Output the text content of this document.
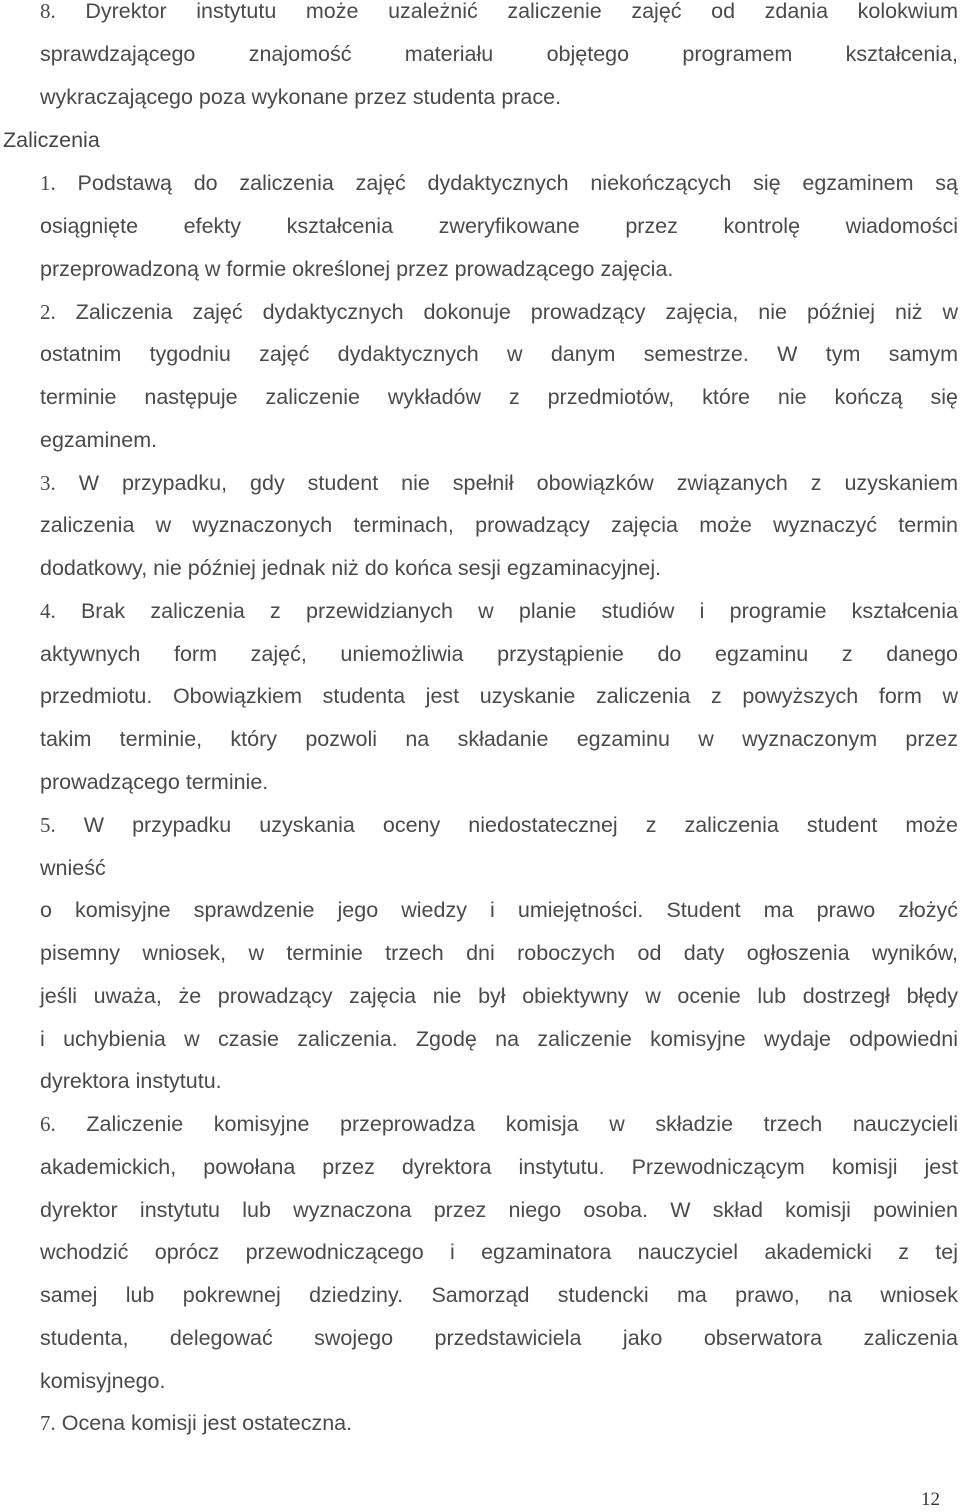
8. Dyrektor instytutu może uzależnić zaliczenie zajęć od zdania kolokwium
sprawdzającego znajomość materiału objętego programem kształcenia,
wykraczającego poza wykonane przez studenta prace.
Zaliczenia
1. Podstawą do zaliczenia zajęć dydaktycznych niekończących się egzaminem są
osiągnięte efekty kształcenia zweryfikowane przez kontrolę wiadomości
przeprowadzoną w formie określonej przez prowadzącego zajęcia.
2. Zaliczenia zajęć dydaktycznych dokonuje prowadzący zajęcia, nie później niż w
ostatnim tygodniu zajęć dydaktycznych w danym semestrze. W tym samym
terminie następuje zaliczenie wykładów z przedmiotów, które nie kończą się
egzaminem.
3. W przypadku, gdy student nie spełnił obowiązków związanych z uzyskaniem
zaliczenia w wyznaczonych terminach, prowadzący zajęcia może wyznaczyć termin
dodatkowy, nie później jednak niż do końca sesji egzaminacyjnej.
4. Brak zaliczenia z przewidzianych w planie studiów i programie kształcenia
aktywnych form zajęć, uniemożliwia przystąpienie do egzaminu z danego
przedmiotu. Obowiązkiem studenta jest uzyskanie zaliczenia z powyższych form w
takim terminie, który pozwoli na składanie egzaminu w wyznaczonym przez
prowadzącego terminie.
5. W przypadku uzyskania oceny niedostatecznej z zaliczenia student może
wnieść
o komisyjne sprawdzenie jego wiedzy i umiejętności. Student ma prawo złożyć
pisemny wniosek, w terminie trzech dni roboczych od daty ogłoszenia wyników,
jeśli uważa, że prowadzący zajęcia nie był obiektywny w ocenie lub dostrzegł błędy
i uchybienia w czasie zaliczenia. Zgodę na zaliczenie komisyjne wydaje odpowiedni
dyrektora instytutu.
6. Zaliczenie komisyjne przeprowadza komisja w składzie trzech nauczycieli
akademickich, powołana przez dyrektora instytutu. Przewodniczącym komisji jest
dyrektor instytutu lub wyznaczona przez niego osoba. W skład komisji powinien
wchodzić oprócz przewodniczącego i egzaminatora nauczyciel akademicki z tej
samej lub pokrewnej dziedziny. Samorząd studencki ma prawo, na wniosek
studenta, delegować swojego przedstawiciela jako obserwatora zaliczenia
komisyjnego.
7. Ocena komisji jest ostateczna.
12
